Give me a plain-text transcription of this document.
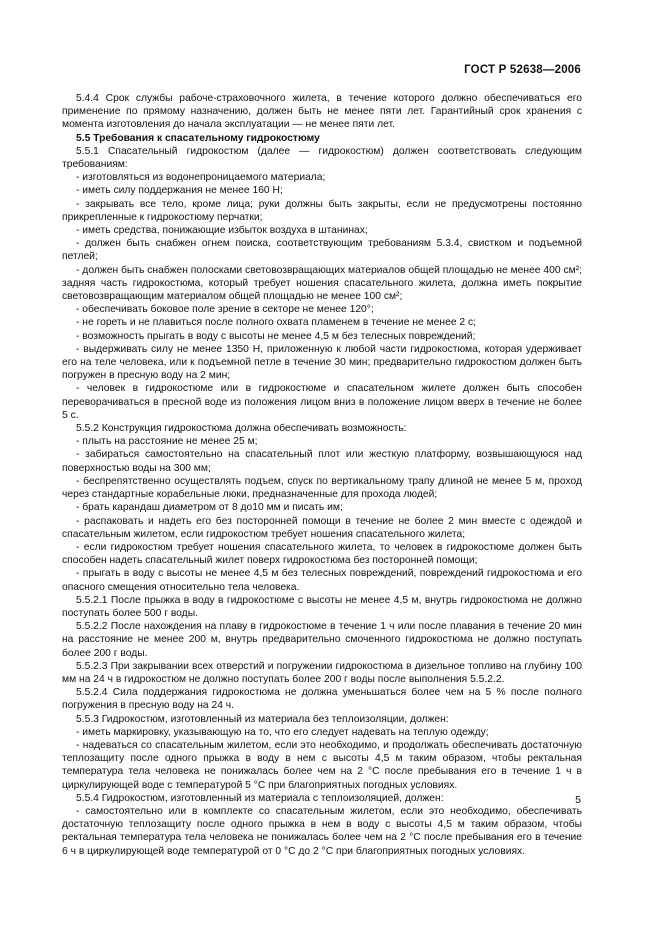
ГОСТ Р 52638—2006

5.4.4 Срок службы рабоче-страховочного жилета, в течение которого должно обеспечиваться его применение по прямому назначению, должен быть не менее пяти лет. Гарантийный срок хранения с момента изготовления до начала эксплуатации — не менее пяти лет.

5.5 Требования к спасательному гидрокостюму

5.5.1 Спасательный гидрокостюм (далее — гидрокостюм) должен соответствовать следующим требованиям:

- изготовляться из водонепроницаемого материала;

- иметь силу поддержания не менее 160 Н;

- закрывать все тело, кроме лица; руки должны быть закрыты, если не предусмотрены постоянно прикрепленные к гидрокостюму перчатки;

- иметь средства, понижающие избыток воздуха в штанинах;

- должен быть снабжен огнем поиска, соответствующим требованиям 5.3.4, свистком и подъемной петлей;

- должен быть снабжен полосками световозвращающих материалов общей площадью не менее 400 см²; задняя часть гидрокостюма, который требует ношения спасательного жилета, должна иметь покрытие световозвращающим материалом общей площадью не менее 100 см²;

- обеспечивать боковое поле зрение в секторе не менее 120°;

- не гореть и не плавиться после полного охвата пламенем в течение не менее 2 с;

- возможность прыгать в воду с высоты не менее 4,5 м без телесных повреждений;

- выдерживать силу не менее 1350 Н, приложенную к любой части гидрокостюма, которая удерживает его на теле человека, или к подъемной петле в течение 30 мин; предварительно гидрокостюм должен быть погружен в пресную воду на 2 мин;

- человек в гидрокостюме или в гидрокостюме и спасательном жилете должен быть способен переворачиваться в пресной воде из положения лицом вниз в положение лицом вверх в течение не более 5 с.

5.5.2 Конструкция гидрокостюма должна обеспечивать возможность:

- плыть на расстояние не менее 25 м;

- забираться самостоятельно на спасательный плот или жесткую платформу, возвышающуюся над поверхностью воды на 300 мм;

- беспрепятственно осуществлять подъем, спуск по вертикальному трапу длиной не менее 5 м, проход через стандартные корабельные люки, предназначенные для прохода людей;

- брать карандаш диаметром от 8 до10 мм и писать им;

- распаковать и надеть его без посторонней помощи в течение не более 2 мин вместе с одеждой и спасательным жилетом, если гидрокостюм требует ношения спасательного жилета;

- если гидрокостюм требует ношения спасательного жилета, то человек в гидрокостюме должен быть способен надеть спасательный жилет поверх гидрокостюма без посторонней помощи;

- прыгать в воду с высоты не менее 4,5 м без телесных повреждений, повреждений гидрокостюма и его опасного смещения относительно тела человека.

5.5.2.1 После прыжка в воду в гидрокостюме с высоты не менее 4,5 м, внутрь гидрокостюма не должно поступать более 500 г воды.

5.5.2.2 После нахождения на плаву в гидрокостюме в течение 1 ч или после плавания в течение 20 мин на расстояние не менее 200 м, внутрь предварительно смоченного гидрокостюма не должно поступать более 200 г воды.

5.5.2.3 При закрывании всех отверстий и погружении гидрокостюма в дизельное топливо на глубину 100 мм на 24 ч в гидрокостюм не должно поступать более 200 г воды после выполнения 5.5.2.2.

5.5.2.4 Сила поддержания гидрокостюма не должна уменьшаться более чем на 5 % после полного погружения в пресную воду на 24 ч.

5.5.3 Гидрокостюм, изготовленный из материала без теплоизоляции, должен:

- иметь маркировку, указывающую на то, что его следует надевать на теплую одежду;

- надеваться со спасательным жилетом, если это необходимо, и продолжать обеспечивать достаточную теплозащиту после одного прыжка в воду в нем с высоты 4,5 м таким образом, чтобы ректальная температура тела человека не понижалась более чем на 2 °С после пребывания его в течение 1 ч в циркулирующей воде с температурой 5 °С при благоприятных погодных условиях.

5.5.4 Гидрокостюм, изготовленный из материала с теплоизоляцией, должен:

- самостоятельно или в комплекте со спасательным жилетом, если это необходимо, обеспечивать достаточную теплозащиту после одного прыжка в нем в воду с высоты 4,5 м таким образом, чтобы ректальная температура тела человека не понижалась более чем на 2 °С после пребывания его в течение 6 ч в циркулирующей воде температурой от 0 °С до 2 °С при благоприятных погодных условиях.

5
